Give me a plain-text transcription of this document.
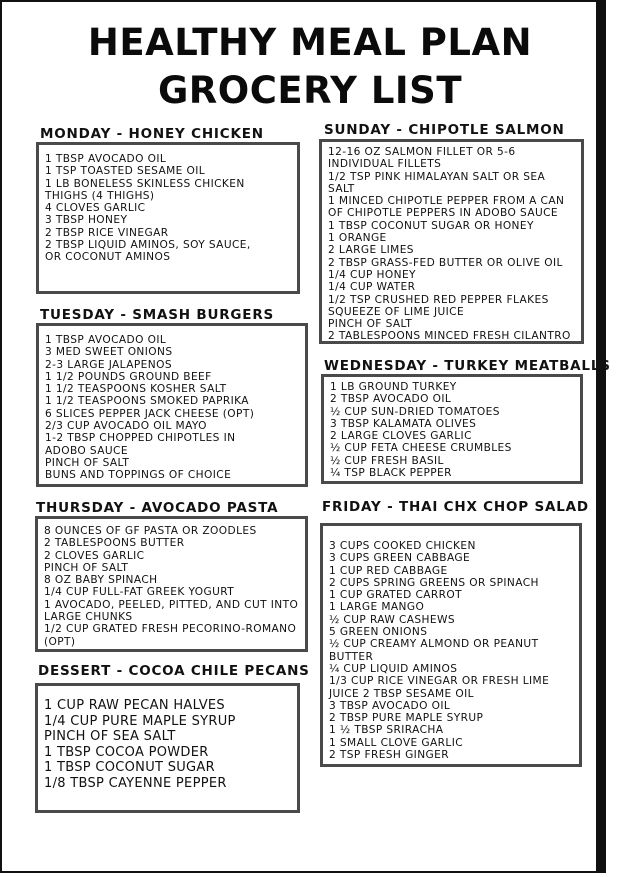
HEALTHY MEAL PLAN
GROCERY LIST
MONDAY - HONEY CHICKEN
1 TBSP AVOCADO OIL
1 TSP TOASTED SESAME OIL
1 LB BONELESS SKINLESS CHICKEN
THIGHS (4 THIGHS)
4 CLOVES GARLIC
3 TBSP HONEY
2 TBSP RICE VINEGAR
2 TBSP LIQUID AMINOS, SOY SAUCE,
OR COCONUT AMINOS
TUESDAY - SMASH BURGERS
1 TBSP AVOCADO OIL
3 MED SWEET ONIONS
2-3 LARGE JALAPENOS
1 1/2 POUNDS GROUND BEEF
1 1/2 TEASPOONS KOSHER SALT
1 1/2 TEASPOONS SMOKED PAPRIKA
6 SLICES PEPPER JACK CHEESE (OPT)
2/3 CUP AVOCADO OIL MAYO
1-2 TBSP CHOPPED CHIPOTLES IN
ADOBO SAUCE
PINCH OF SALT
BUNS AND TOPPINGS OF CHOICE
THURSDAY - AVOCADO PASTA
8 OUNCES OF GF PASTA OR ZOODLES
2 TABLESPOONS BUTTER
2 CLOVES GARLIC
PINCH OF SALT
8 OZ BABY SPINACH
1/4 CUP FULL-FAT GREEK YOGURT
1 AVOCADO, PEELED, PITTED, AND CUT INTO
LARGE CHUNKS
1/2 CUP GRATED FRESH PECORINO-ROMANO
(OPT)
DESSERT - COCOA CHILE PECANS
1 CUP RAW PECAN HALVES
1/4 CUP PURE MAPLE SYRUP
PINCH OF SEA SALT
1 TBSP COCOA POWDER
1 TBSP COCONUT SUGAR
1/8 TBSP CAYENNE PEPPER
SUNDAY - CHIPOTLE SALMON
12-16 OZ SALMON FILLET OR 5-6
INDIVIDUAL FILLETS
1/2 TSP PINK HIMALAYAN SALT OR SEA
SALT
1 MINCED CHIPOTLE PEPPER FROM A CAN
OF CHIPOTLE PEPPERS IN ADOBO SAUCE
1 TBSP COCONUT SUGAR OR HONEY
1 ORANGE
2 LARGE LIMES
2 TBSP GRASS-FED BUTTER OR OLIVE OIL
1/4 CUP HONEY
1/4 CUP WATER
1/2 TSP CRUSHED RED PEPPER FLAKES
SQUEEZE OF LIME JUICE
PINCH OF SALT
2 TABLESPOONS MINCED FRESH CILANTRO
WEDNESDAY - TURKEY MEATBALLS
1 LB GROUND TURKEY
2 TBSP AVOCADO OIL
½ CUP SUN-DRIED TOMATOES
3 TBSP KALAMATA OLIVES
2 LARGE CLOVES GARLIC
½ CUP FETA CHEESE CRUMBLES
½ CUP FRESH BASIL
¼ TSP BLACK PEPPER
FRIDAY - THAI CHX CHOP SALAD
3 CUPS COOKED CHICKEN
3 CUPS GREEN CABBAGE
1 CUP RED CABBAGE
2 CUPS SPRING GREENS OR SPINACH
1 CUP GRATED CARROT
1 LARGE MANGO
½ CUP RAW CASHEWS
5 GREEN ONIONS
½ CUP CREAMY ALMOND OR PEANUT
BUTTER
¼ CUP LIQUID AMINOS
1/3 CUP RICE VINEGAR OR FRESH LIME
JUICE 2 TBSP SESAME OIL
3 TBSP AVOCADO OIL
2 TBSP PURE MAPLE SYRUP
1 ½ TBSP SRIRACHA
1 SMALL CLOVE GARLIC
2 TSP FRESH GINGER
